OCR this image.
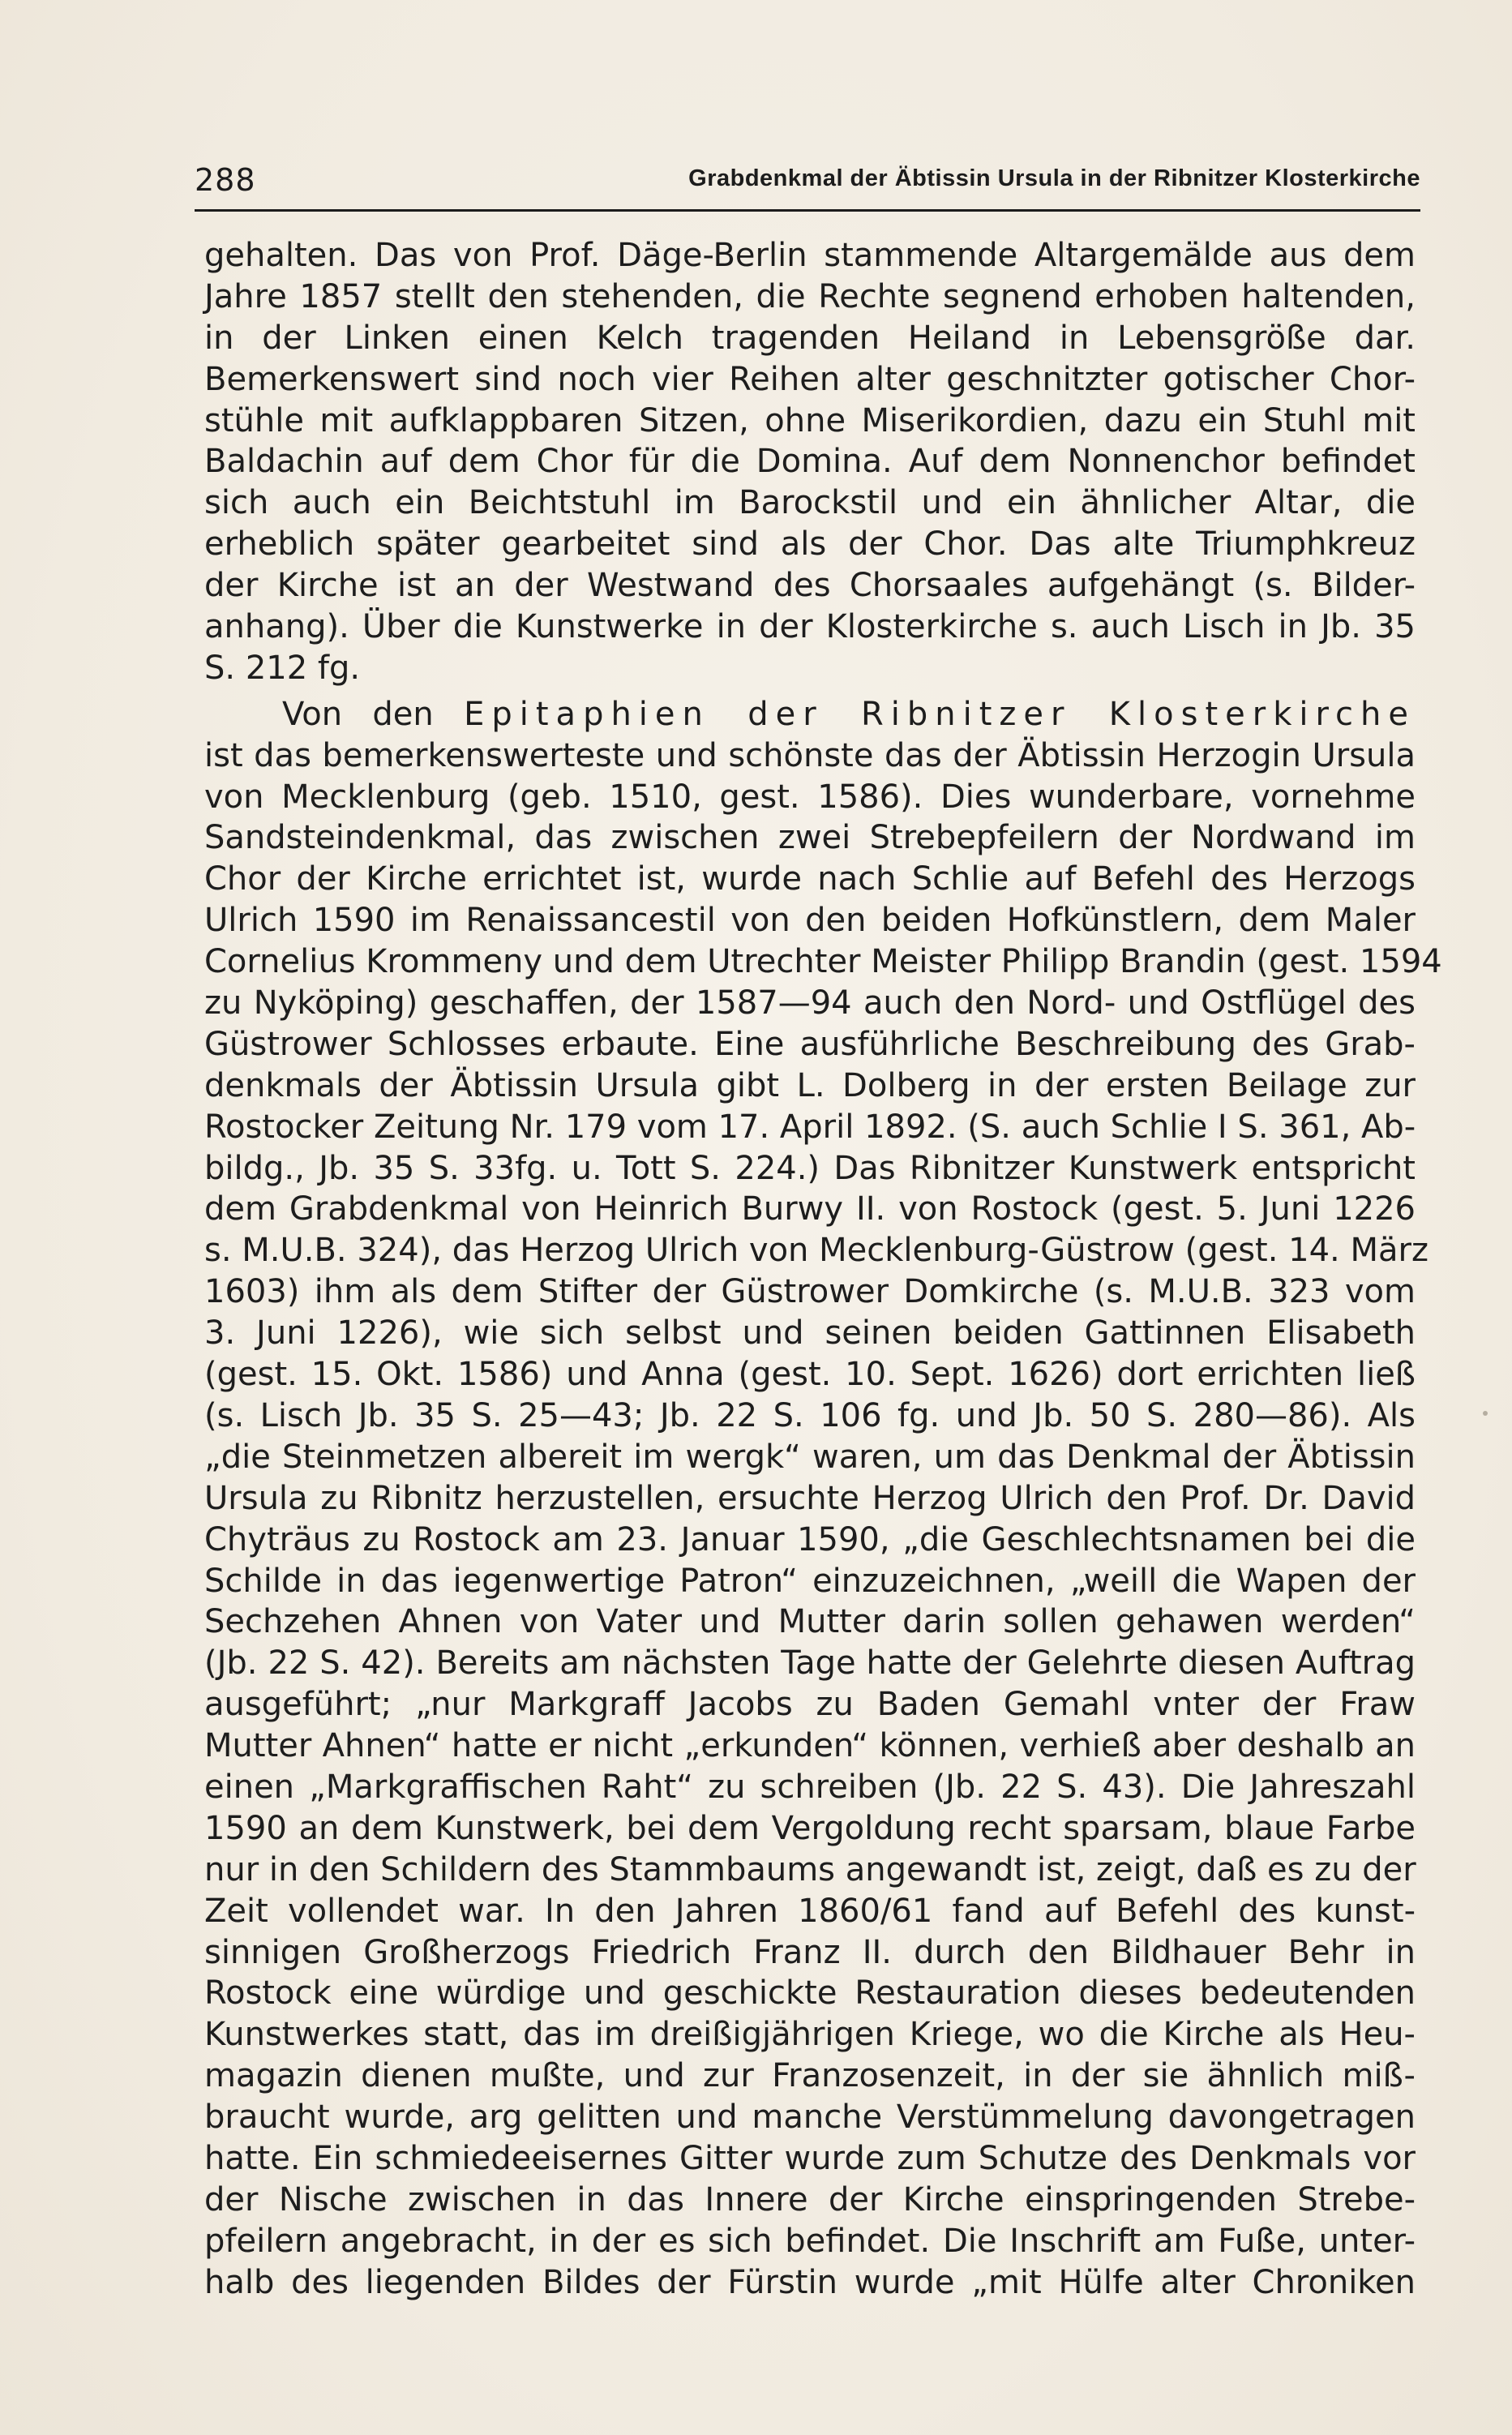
288	Grabdenkmal der Äbtissin Ursula in der Ribnitzer Klosterkirche
gehalten. Das von Prof. Däge-Berlin stammende Altargemälde aus dem
Jahre 1857 stellt den stehenden, die Rechte segnend erhoben haltenden,
in der Linken einen Kelch tragenden Heiland in Lebensgröße dar.
Bemerkenswert sind noch vier Reihen alter geschnitzter gotischer Chor-
stühle mit aufklappbaren Sitzen, ohne Miserikordien, dazu ein Stuhl mit
Baldachin auf dem Chor für die Domina. Auf dem Nonnenchor befindet
sich auch ein Beichtstuhl im Barockstil und ein ähnlicher Altar, die
erheblich später gearbeitet sind als der Chor. Das alte Triumphkreuz
der Kirche ist an der Westwand des Chorsaales aufgehängt (s. Bilder-
anhang). Über die Kunstwerke in der Klosterkirche s. auch Lisch in Jb. 35
S. 212 fg.
Von den Epitaphien der Ribnitzer Klosterkirche
ist das bemerkenswerteste und schönste das der Äbtissin Herzogin Ursula
von Mecklenburg (geb. 1510, gest. 1586). Dies wunderbare, vornehme
Sandsteindenkmal, das zwischen zwei Strebepfeilern der Nordwand im
Chor der Kirche errichtet ist, wurde nach Schlie auf Befehl des Herzogs
Ulrich 1590 im Renaissancestil von den beiden Hofkünstlern, dem Maler
Cornelius Krommeny und dem Utrechter Meister Philipp Brandin (gest. 1594
zu Nyköping) geschaffen, der 1587—94 auch den Nord- und Ostflügel des
Güstrower Schlosses erbaute. Eine ausführliche Beschreibung des Grab-
denkmals der Äbtissin Ursula gibt L. Dolberg in der ersten Beilage zur
Rostocker Zeitung Nr. 179 vom 17. April 1892. (S. auch Schlie I S. 361, Ab-
bildg., Jb. 35 S. 33fg. u. Tott S. 224.) Das Ribnitzer Kunstwerk entspricht
dem Grabdenkmal von Heinrich Burwy II. von Rostock (gest. 5. Juni 1226
s. M.U.B. 324), das Herzog Ulrich von Mecklenburg-Güstrow (gest. 14. März
1603) ihm als dem Stifter der Güstrower Domkirche (s. M.U.B. 323 vom
3. Juni 1226), wie sich selbst und seinen beiden Gattinnen Elisabeth
(gest. 15. Okt. 1586) und Anna (gest. 10. Sept. 1626) dort errichten ließ
(s. Lisch Jb. 35 S. 25—43; Jb. 22 S. 106 fg. und Jb. 50 S. 280—86). Als
„die Steinmetzen albereit im wergk“ waren, um das Denkmal der Äbtissin
Ursula zu Ribnitz herzustellen, ersuchte Herzog Ulrich den Prof. Dr. David
Chyträus zu Rostock am 23. Januar 1590, „die Geschlechtsnamen bei die
Schilde in das iegenwertige Patron“ einzuzeichnen, „weill die Wapen der
Sechzehen Ahnen von Vater und Mutter darin sollen gehawen werden“
(Jb. 22 S. 42). Bereits am nächsten Tage hatte der Gelehrte diesen Auftrag
ausgeführt; „nur Markgraff Jacobs zu Baden Gemahl vnter der Fraw
Mutter Ahnen“ hatte er nicht „erkunden“ können, verhieß aber deshalb an
einen „Markgraffischen Raht“ zu schreiben (Jb. 22 S. 43). Die Jahreszahl
1590 an dem Kunstwerk, bei dem Vergoldung recht sparsam, blaue Farbe
nur in den Schildern des Stammbaums angewandt ist, zeigt, daß es zu der
Zeit vollendet war. In den Jahren 1860/61 fand auf Befehl des kunst-
sinnigen Großherzogs Friedrich Franz II. durch den Bildhauer Behr in
Rostock eine würdige und geschickte Restauration dieses bedeutenden
Kunstwerkes statt, das im dreißigjährigen Kriege, wo die Kirche als Heu-
magazin dienen mußte, und zur Franzosenzeit, in der sie ähnlich miß-
braucht wurde, arg gelitten und manche Verstümmelung davongetragen
hatte. Ein schmiedeeisernes Gitter wurde zum Schutze des Denkmals vor
der Nische zwischen in das Innere der Kirche einspringenden Strebe-
pfeilern angebracht, in der es sich befindet. Die Inschrift am Fuße, unter-
halb des liegenden Bildes der Fürstin wurde „mit Hülfe alter Chroniken
